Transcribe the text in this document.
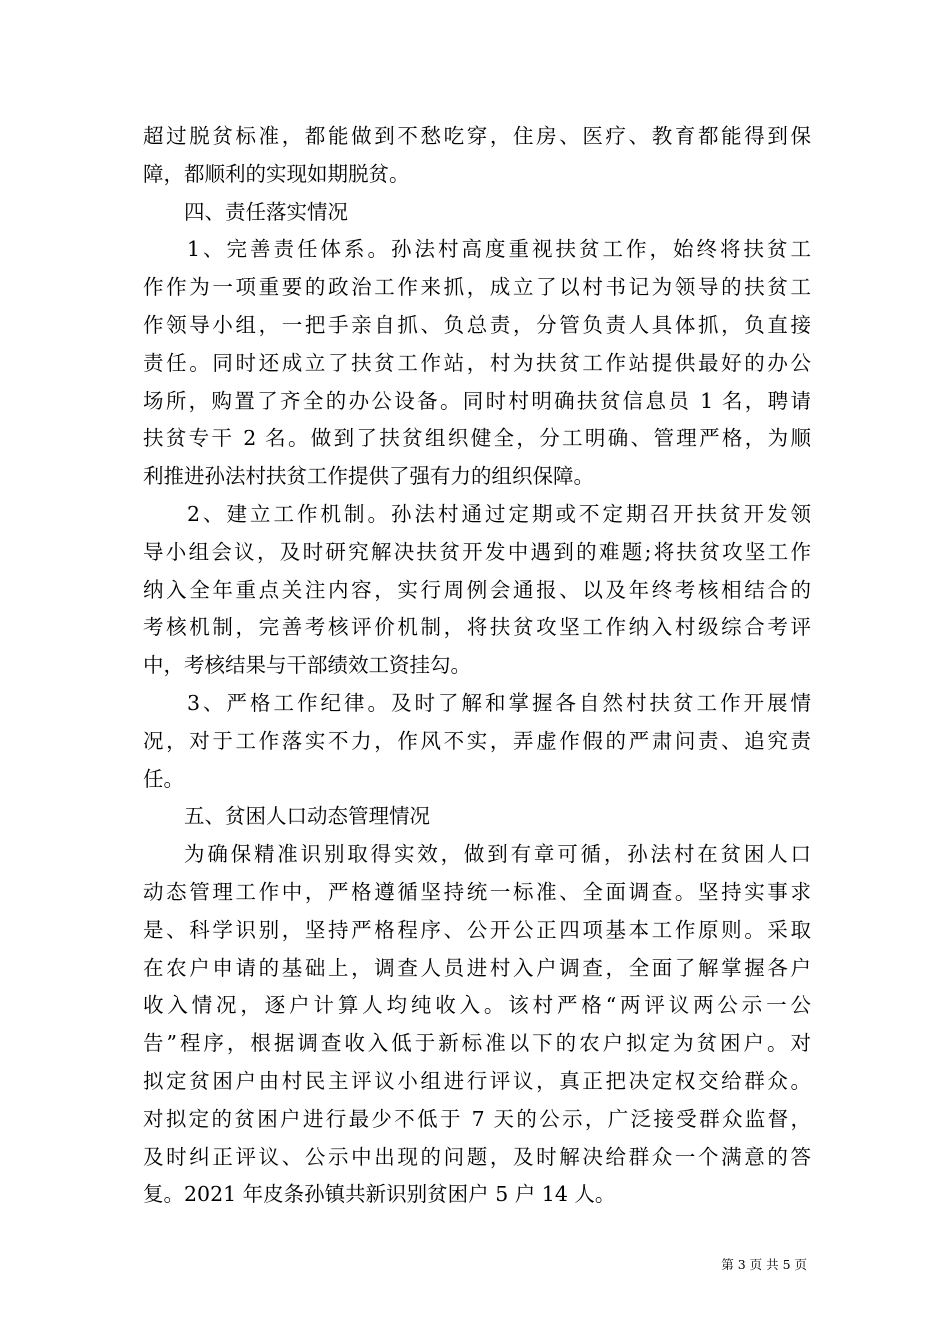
超过脱贫标准，都能做到不愁吃穿，住房、医疗、教育都能得到保
障，都顺利的实现如期脱贫。
四、责任落实情况
1、完善责任体系。孙法村高度重视扶贫工作，始终将扶贫工
作作为一项重要的政治工作来抓，成立了以村书记为领导的扶贫工
作领导小组，一把手亲自抓、负总责，分管负责人具体抓，负直接
责任。同时还成立了扶贫工作站，村为扶贫工作站提供最好的办公
场所，购置了齐全的办公设备。同时村明确扶贫信息员 1 名，聘请
扶贫专干 2 名。做到了扶贫组织健全，分工明确、管理严格，为顺
利推进孙法村扶贫工作提供了强有力的组织保障。
2、建立工作机制。孙法村通过定期或不定期召开扶贫开发领
导小组会议，及时研究解决扶贫开发中遇到的难题;将扶贫攻坚工作
纳入全年重点关注内容，实行周例会通报、以及年终考核相结合的
考核机制，完善考核评价机制，将扶贫攻坚工作纳入村级综合考评
中，考核结果与干部绩效工资挂勾。
3、严格工作纪律。及时了解和掌握各自然村扶贫工作开展情
况，对于工作落实不力，作风不实，弄虚作假的严肃问责、追究责
任。
五、贫困人口动态管理情况
为确保精准识别取得实效，做到有章可循，孙法村在贫困人口
动态管理工作中，严格遵循坚持统一标准、全面调查。坚持实事求
是、科学识别，坚持严格程序、公开公正四项基本工作原则。采取
在农户申请的基础上，调查人员进村入户调查，全面了解掌握各户
收入情况，逐户计算人均纯收入。该村严格“两评议两公示一公
告”程序，根据调查收入低于新标准以下的农户拟定为贫困户。对
拟定贫困户由村民主评议小组进行评议，真正把决定权交给群众。
对拟定的贫困户进行最少不低于 7 天的公示，广泛接受群众监督，
及时纠正评议、公示中出现的问题，及时解决给群众一个满意的答
复。2021 年皮条孙镇共新识别贫困户 5 户 14 人。
第 3 页 共 5 页
